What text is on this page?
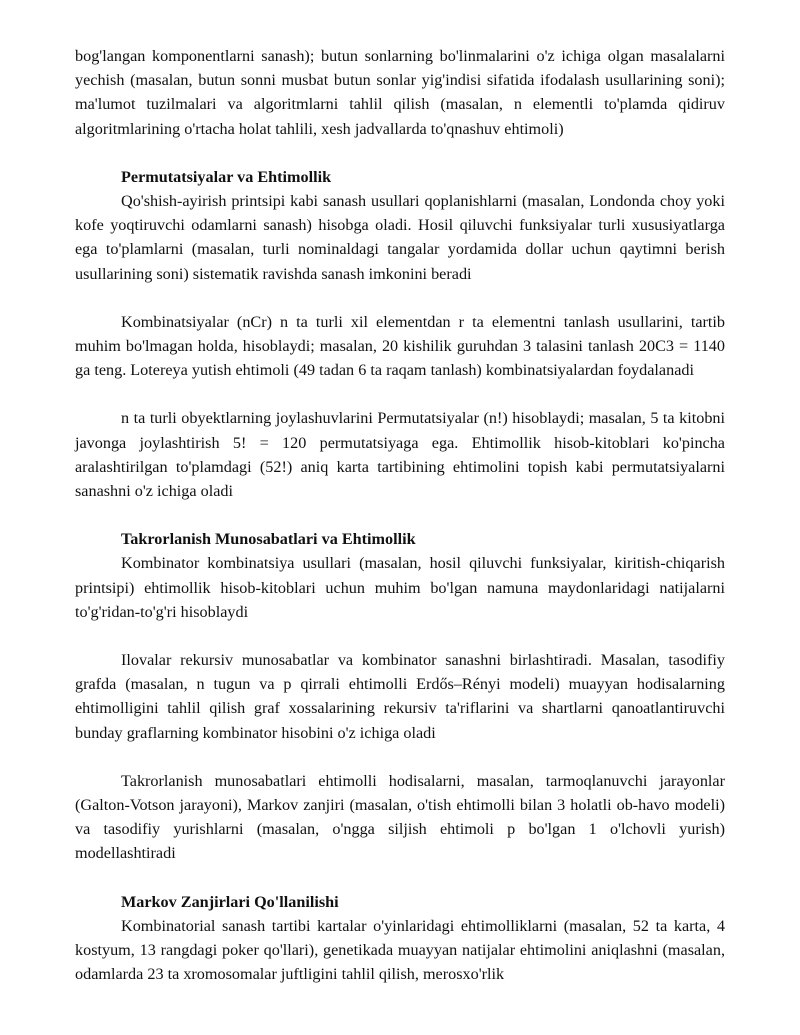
bog'langan komponentlarni sanash); butun sonlarning bo'linmalarini o'z ichiga olgan masalalarni yechish (masalan, butun sonni musbat butun sonlar yig'indisi sifatida ifodalash usullarining soni); ma'lumot tuzilmalari va algoritmlarni tahlil qilish (masalan, n elementli to'plamda qidiruv algoritmlarining o'rtacha holat tahlili, xesh jadvallarda to'qnashuv ehtimoli)

Permutatsiyalar va Ehtimollik

Qo'shish-ayirish printsipi kabi sanash usullari qoplanishlarni (masalan, Londonda choy yoki kofe yoqtiruvchi odamlarni sanash) hisobga oladi. Hosil qiluvchi funksiyalar turli xususiyatlarga ega to'plamlarni (masalan, turli nominaldagi tangalar yordamida dollar uchun qaytimni berish usullarining soni) sistematik ravishda sanash imkonini beradi

Kombinatsiyalar (nCr) n ta turli xil elementdan r ta elementni tanlash usullarini, tartib muhim bo'lmagan holda, hisoblaydi; masalan, 20 kishilik guruhdan 3 talasini tanlash 20C3 = 1140 ga teng. Lotereya yutish ehtimoli (49 tadan 6 ta raqam tanlash) kombinatsiyalardan foydalanadi

n ta turli obyektlarning joylashuvlarini Permutatsiyalar (n!) hisoblaydi; masalan, 5 ta kitobni javonga joylashtirish 5! = 120 permutatsiyaga ega. Ehtimollik hisob-kitoblari ko'pincha aralashtirilgan to'plamdagi (52!) aniq karta tartibining ehtimolini topish kabi permutatsiyalarni sanashni o'z ichiga oladi

Takrorlanish Munosabatlari va Ehtimollik

Kombinator kombinatsiya usullari (masalan, hosil qiluvchi funksiyalar, kiritish-chiqarish printsipi) ehtimollik hisob-kitoblari uchun muhim bo'lgan namuna maydonlaridagi natijalarni to'g'ridan-to'g'ri hisoblaydi

Ilovalar rekursiv munosabatlar va kombinator sanashni birlashtiradi. Masalan, tasodifiy grafda (masalan, n tugun va p qirrali ehtimolli Erdős–Rényi modeli) muayyan hodisalarning ehtimolligini tahlil qilish graf xossalarining rekursiv ta'riflarini va shartlarni qanoatlantiruvchi bunday graflarning kombinator hisobini o'z ichiga oladi

Takrorlanish munosabatlari ehtimolli hodisalarni, masalan, tarmoqlanuvchi jarayonlar (Galton-Votson jarayoni), Markov zanjiri (masalan, o'tish ehtimolli bilan 3 holatli ob-havo modeli) va tasodifiy yurishlarni (masalan, o'ngga siljish ehtimoli p bo'lgan 1 o'lchovli yurish) modellashtiradi

Markov Zanjirlari Qo'llanilishi

Kombinatorial sanash tartibi kartalar o'yinlaridagi ehtimolliklarni (masalan, 52 ta karta, 4 kostyum, 13 rangdagi poker qo'llari), genetikada muayyan natijalar ehtimolini aniqlashni (masalan, odamlarda 23 ta xromosomalar juftligini tahlil qilish, merosxo'rlik
